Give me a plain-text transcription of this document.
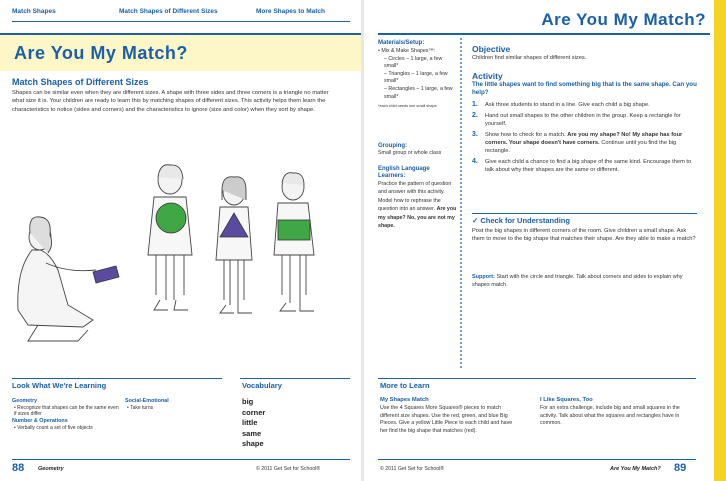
Match Shapes	Match Shapes of Different Sizes	More Shapes to Match
Are You My Match?
Match Shapes of Different Sizes
Shapes can be similar even when they are different sizes. A shape with three sides and three corners is a triangle no matter what size it is. Your children are ready to learn this by matching shapes of different sizes. This activity helps them learn the characteristics to notice (sides and corners) and the characteristics to ignore (size and color) when they sort by shape.
Look What We're Learning
Geometry
• Recognize that shapes can be the same even if sizes differ
Number & Operations
• Verbally count a set of five objects
Social-Emotional
• Take turns
Vocabulary
big
corner
little
same
shape
88	Geometry	© 2011 Get Set for School®
Are You My Match?
Materials/Setup:
• Mix & Make Shapes™:
– Circles – 1 large, a few small*
– Triangles – 1 large, a few small*
– Rectangles – 1 large, a few small*
*each child needs one small shape
Grouping:
Small group or whole class
English Language Learners:
Practice the pattern of question and answer with this activity. Model how to rephrase the question into an answer. Are you my shape? No, you are not my shape.
Objective
Children find similar shapes of different sizes.
Activity
The little shapes want to find something big that is the same shape. Can you help?
1. Ask three students to stand in a line. Give each child a big shape.
2. Hand out small shapes to the other children in the group. Keep a rectangle for yourself.
3. Show how to check for a match. Are you my shape? No! My shape has four corners. Your shape doesn't have corners. Continue until you find the big rectangle.
4. Give each child a chance to find a big shape of the same kind. Encourage them to talk about why their shapes are the same or different.
✓ Check for Understanding
Post the big shapes in different corners of the room. Give children a small shape. Ask them to move to the big shape that matches their shape. Are they able to make a match?
Support: Start with the circle and triangle. Talk about corners and sides to explain why shapes match.
More to Learn
My Shapes Match
Use the 4 Squares More Squares® pieces to match different size shapes. Use the red, green, and blue Big Pieces. Give a yellow Little Piece to each child and have her find the big shape that matches (red).
I Like Squares, Too
For an extra challenge, include big and small squares in the activity. Talk about what the squares and rectangles have in common.
© 2011 Get Set for School®	Are You My Match? 89
